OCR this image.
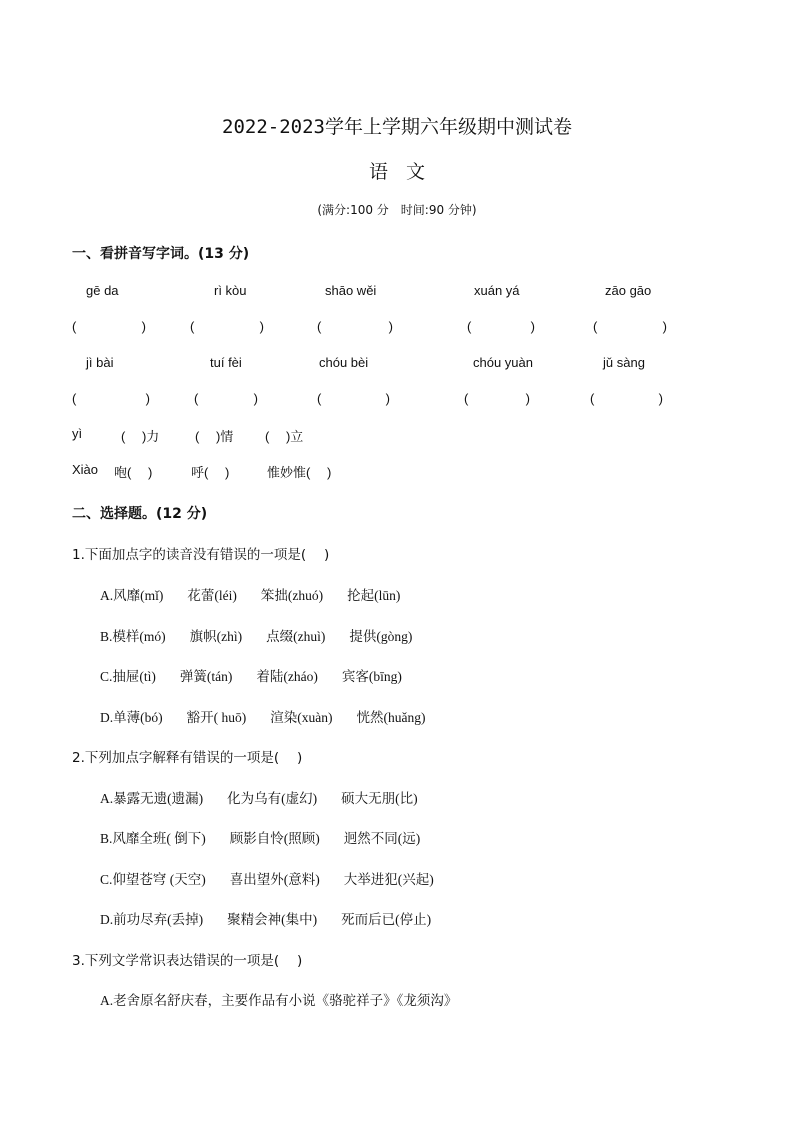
2022-2023学年上学期六年级期中测试卷
语文
(满分:100 分　时间:90 分钟)
一、看拼音写字词。(13 分)
gē da	rì kòu	shāo wěi	xuán yá	zāo gāo
(	)	(	)	(	)	(	)	(	)
jì bài	tuí fèi	chóu bèi	chóu yuàn	jǔ sàng
(	)	(	)	(	)	(	)	(	)
yì	(　 )力	(　 )情 (　 )立
Xiào 咆(　 )	呼(　 )	惟妙惟(　 )
二、选择题。(12 分)
1.下面加点字的读音没有错误的一项是(　 )
A.风靡(mǐ) 花蕾(léi) 笨拙(zhuó) 抡起(lūn)
B.模样(mó) 旗帜(zhì) 点缀(zhuì) 提供(gòng)
C.抽屉(tì) 弹簧(tán) 着陆(zháo) 宾客(bīng)
D.单薄(bó) 豁开( huō) 渲染(xuàn) 恍然(huǎng)
2.下列加点字解释有错误的一项是(　 )
A.暴露无遗(遗漏) 化为乌有(虚幻) 硕大无朋(比)
B.风靡全班( 倒下) 顾影自怜(照顾) 迥然不同(远)
C.仰望苍穹 (天空) 喜出望外(意料) 大举进犯(兴起)
D.前功尽弃(丢掉) 聚精会神(集中) 死而后已(停止)
3.下列文学常识表达错误的一项是(　 )
A.老舍原名舒庆春，主要作品有小说《骆驼祥子》《龙须沟》
